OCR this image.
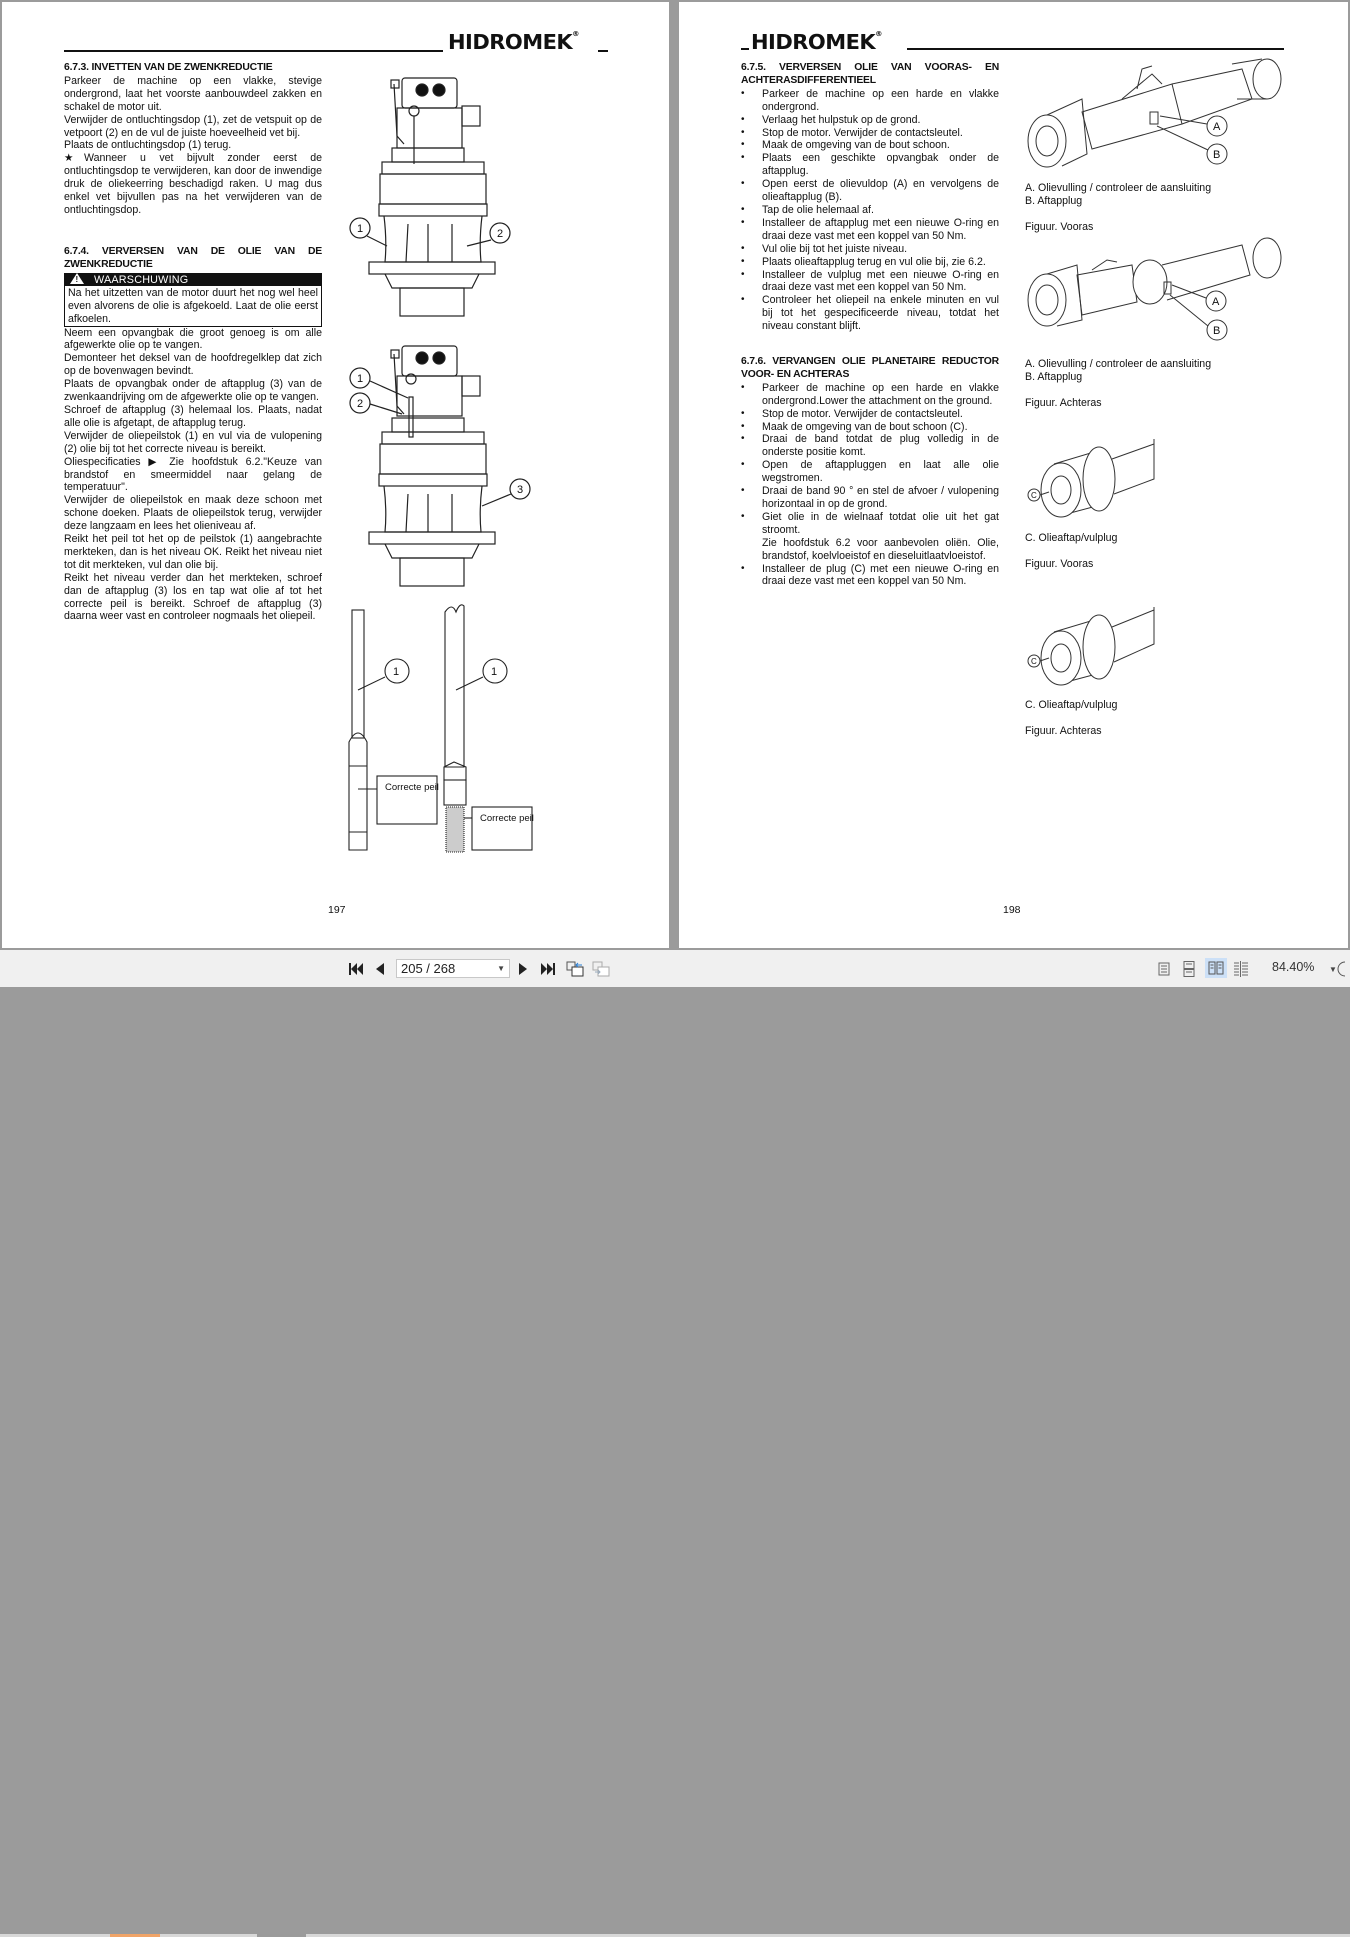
HIDROMEK®

6.7.3. INVETTEN VAN DE ZWENKREDUCTIE

Parkeer de machine op een vlakke, stevige ondergrond, laat het voorste aanbouwdeel zakken en schakel de motor uit.

Verwijder de ontluchtingsdop (1), zet de vetspuit op de vetpoort (2) en de vul de juiste hoeveelheid vet bij.

Plaats de ontluchtingsdop (1) terug.

★Wanneer u vet bijvult zonder eerst de ontluchtingsdop te verwijderen, kan door de inwendige druk de oliekeerring beschadigd raken. U mag dus enkel vet bijvullen pas na het verwijderen van de ontluchtingsdop.

6.7.4. VERVERSEN VAN DE OLIE VAN DE ZWENKREDUCTIE

! WAARSCHUWING
Na het uitzetten van de motor duurt het nog wel heel even alvorens de olie is afgekoeld. Laat de olie eerst afkoelen.

Neem een opvangbak die groot genoeg is om alle afgewerkte olie op te vangen.

Demonteer het deksel van de hoofdregelklep dat zich op de bovenwagen bevindt.

Plaats de opvangbak onder de aftapplug (3) van de zwenkaandrijving om de afgewerkte olie op te vangen.

Schroef de aftapplug (3) helemaal los. Plaats, nadat alle olie is afgetapt, de aftapplug terug.

Verwijder de oliepeilstok (1) en vul via de vulopening (2) olie bij tot het correcte niveau is bereikt.

Oliespecificaties ▶ Zie hoofdstuk 6.2."Keuze van brandstof en smeermiddel naar gelang de temperatuur".

Verwijder de oliepeilstok en maak deze schoon met schone doeken. Plaats de oliepeilstok terug, verwijder deze langzaam en lees het olieniveau af.

Reikt het peil tot het op de peilstok (1) aangebrachte merkteken, dan is het niveau OK. Reikt het niveau niet tot dit merkteken, vul dan olie bij.

Reikt het niveau verder dan het merkteken, schroef dan de aftapplug (3) los en tap wat olie af tot het correcte peil is bereikt. Schroef de aftapplug (3) daarna weer vast en controleer nogmaals het oliepeil.

1	2
1
2
3
1
Correcte peil
1
Correcte peil
197
HIDROMEK®

6.7.5. VERVERSEN OLIE VAN VOORAS- EN ACHTERASDIFFERENTIEEL

• Parkeer de machine op een harde en vlakke ondergrond.
• Verlaag het hulpstuk op de grond.
• Stop de motor. Verwijder de contactsleutel.
• Maak de omgeving van de bout schoon.
• Plaats een geschikte opvangbak onder de aftapplug.
• Open eerst de olievuldop (A) en vervolgens de olieaftapplug (B).
• Tap de olie helemaal af.
• Installeer de aftapplug met een nieuwe O-ring en draai deze vast met een koppel van 50 Nm.
• Vul olie bij tot het juiste niveau.
• Plaats olieaftapplug terug en vul olie bij, zie 6.2.
• Installeer de vulplug met een nieuwe O-ring en draai deze vast met een koppel van 50 Nm.
• Controleer het oliepeil na enkele minuten en vul bij tot het gespecificeerde niveau, totdat het niveau constant blijft.

6.7.6. VERVANGEN OLIE PLANETAIRE REDUCTOR VOOR- EN ACHTERAS

• Parkeer de machine op een harde en vlakke ondergrond.Lower the attachment on the ground.
• Stop de motor. Verwijder de contactsleutel.
• Maak de omgeving van de bout schoon (C).
• Draai de band totdat de plug volledig in de onderste positie komt.
• Open de aftappluggen en laat alle olie wegstromen.
• Draai de band 90 ° en stel de afvoer / vulopening horizontaal in op de grond.
• Giet olie in de wielnaaf totdat olie uit het gat stroomt.
Zie hoofdstuk 6.2 voor aanbevolen oliën. Olie, brandstof, koelvloeistof en dieseluitlaatvloeistof.
• Installeer de plug (C) met een nieuwe O-ring en draai deze vast met een koppel van 50 Nm.
A
B
A. Olievulling / controleer de aansluiting
B. Aftapplug
Figuur. Vooras
A
B
A. Olievulling / controleer de aansluiting
B. Aftapplug
Figuur. Achteras
C
C. Olieaftap/vulplug
Figuur. Vooras
C
C. Olieaftap/vulplug
Figuur. Achteras
198
205 / 268	▼	84.40% ▼
